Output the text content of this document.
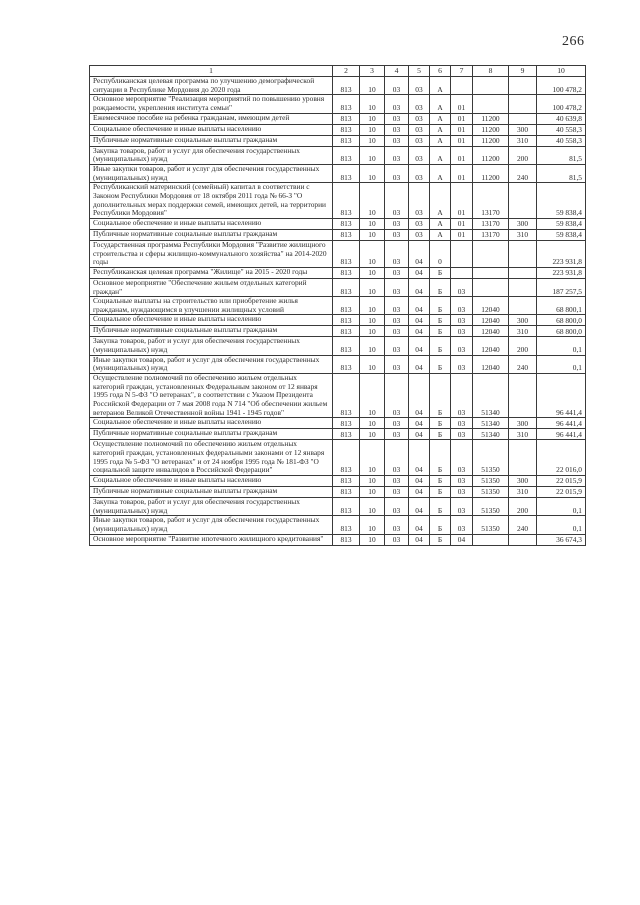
266
1	2	3	4	5	6	7	8	9	10
Республиканская целевая программа по улучшению демографической ситуации в Республике Мордовия до 2020 года	813	10	03	03	А				100 478,2
Основное мероприятие "Реализация мероприятий по повышению уровня рождаемости, укрепления института семьи"	813	10	03	03	А	01			100 478,2
Ежемесячное пособие на ребенка гражданам, имеющим детей	813	10	03	03	А	01	11200		40 639,8
Социальное обеспечение и иные выплаты населению	813	10	03	03	А	01	11200	300	40 558,3
Публичные нормативные социальные выплаты гражданам	813	10	03	03	А	01	11200	310	40 558,3
Закупка товаров, работ и услуг для обеспечения государственных (муниципальных) нужд	813	10	03	03	А	01	11200	200	81,5
Иные закупки товаров, работ и услуг для обеспечения государственных (муниципальных) нужд	813	10	03	03	А	01	11200	240	81,5
Республиканский материнский (семейный) капитал в соответствии с Законом Республики Мордовия от 18 октября 2011 года № 66-З "О дополнительных мерах поддержки семей, имеющих детей, на территории Республики Мордовия"	813	10	03	03	А	01	13170		59 838,4
Социальное обеспечение и иные выплаты населению	813	10	03	03	А	01	13170	300	59 838,4
Публичные нормативные социальные выплаты гражданам	813	10	03	03	А	01	13170	310	59 838,4
Государственная программа Республики Мордовия "Развитие жилищного строительства и сферы жилищно-коммунального хозяйства" на 2014-2020 годы	813	10	03	04	0				223 931,8
Республиканская целевая программа "Жилище" на 2015 - 2020 годы	813	10	03	04	Б				223 931,8
Основное мероприятие "Обеспечение жильем отдельных категорий граждан"	813	10	03	04	Б	03			187 257,5
Социальные выплаты на строительство или приобретение жилья гражданам, нуждающимся в улучшении жилищных условий	813	10	03	04	Б	03	12040		68 800,1
Социальное обеспечение и иные выплаты населению	813	10	03	04	Б	03	12040	300	68 800,0
Публичные нормативные социальные выплаты гражданам	813	10	03	04	Б	03	12040	310	68 800,0
Закупка товаров, работ и услуг для обеспечения государственных (муниципальных) нужд	813	10	03	04	Б	03	12040	200	0,1
Иные закупки товаров, работ и услуг для обеспечения государственных (муниципальных) нужд	813	10	03	04	Б	03	12040	240	0,1
Осуществление полномочий по обеспечению жильем отдельных категорий граждан, установленных Федеральным законом от 12 января 1995 года N 5-ФЗ "О ветеранах", в соответствии с Указом Президента Российской Федерации от 7 мая 2008 года N 714 "Об обеспечении жильем ветеранов Великой Отечественной войны 1941 - 1945 годов"	813	10	03	04	Б	03	51340		96 441,4
Социальное обеспечение и иные выплаты населению	813	10	03	04	Б	03	51340	300	96 441,4
Публичные нормативные социальные выплаты гражданам	813	10	03	04	Б	03	51340	310	96 441,4
Осуществление полномочий по обеспечению жильем отдельных категорий граждан, установленных федеральными законами от 12 января 1995 года № 5-ФЗ "О ветеранах" и от 24 ноября 1995 года № 181-ФЗ "О социальной защите инвалидов в Российской Федерации"	813	10	03	04	Б	03	51350		22 016,0
Социальное обеспечение и иные выплаты населению	813	10	03	04	Б	03	51350	300	22 015,9
Публичные нормативные социальные выплаты гражданам	813	10	03	04	Б	03	51350	310	22 015,9
Закупка товаров, работ и услуг для обеспечения государственных (муниципальных) нужд	813	10	03	04	Б	03	51350	200	0,1
Иные закупки товаров, работ и услуг для обеспечения государственных (муниципальных) нужд	813	10	03	04	Б	03	51350	240	0,1
Основное мероприятие "Развитие ипотечного жилищного кредитования"	813	10	03	04	Б	04			36 674,3
